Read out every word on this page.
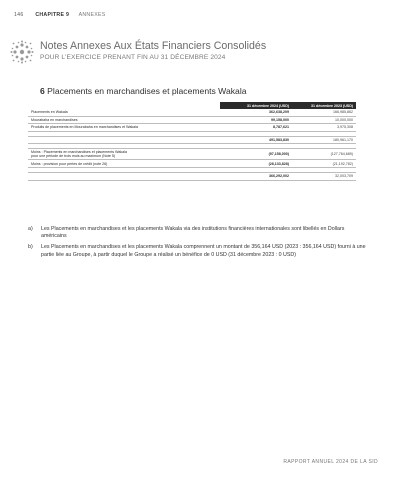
146 CHAPITRE 9 ANNEXES
Notes Annexes Aux États Financiers Consolidés
POUR L'EXERCICE PRENANT FIN AU 31 DÉCEMBRE 2024
6 Placements en marchandises et placements Wakala
	31 décembre 2024 (USD)	31 décembre 2023 (USD)
Placements en Wakala	362,638,209	166,985,862
Mourabaha en marchandises	99,158,000	10,000,000
Produits de placements en Mourabaha en marchandises et Wakala	8,787,621	3,975,308

	491,583,830	180,961,170

Moins : Placements en marchandises et placements Wakala
pour une période de trois mois au maximum (Note 5)	(97,158,000)	(127,764,689)
Moins : provision pour pertes de crédit (note 26)	(28,133,828)	(21,192,782)

	366,292,002	32,003,709
a)	Les Placements en marchandises et les placements Wakala via des institutions financières internationales sont libellés en Dollars américains
b)	Les Placements en marchandises et les placements Wakala comprennent un montant de 356,164 USD (2023 : 356,164 USD) fourni à une partie liée au Groupe, à partir duquel le Groupe a réalisé un bénéfice de 0 USD (31 décembre 2023 : 0 USD)
RAPPORT ANNUEL 2024 DE LA SID
